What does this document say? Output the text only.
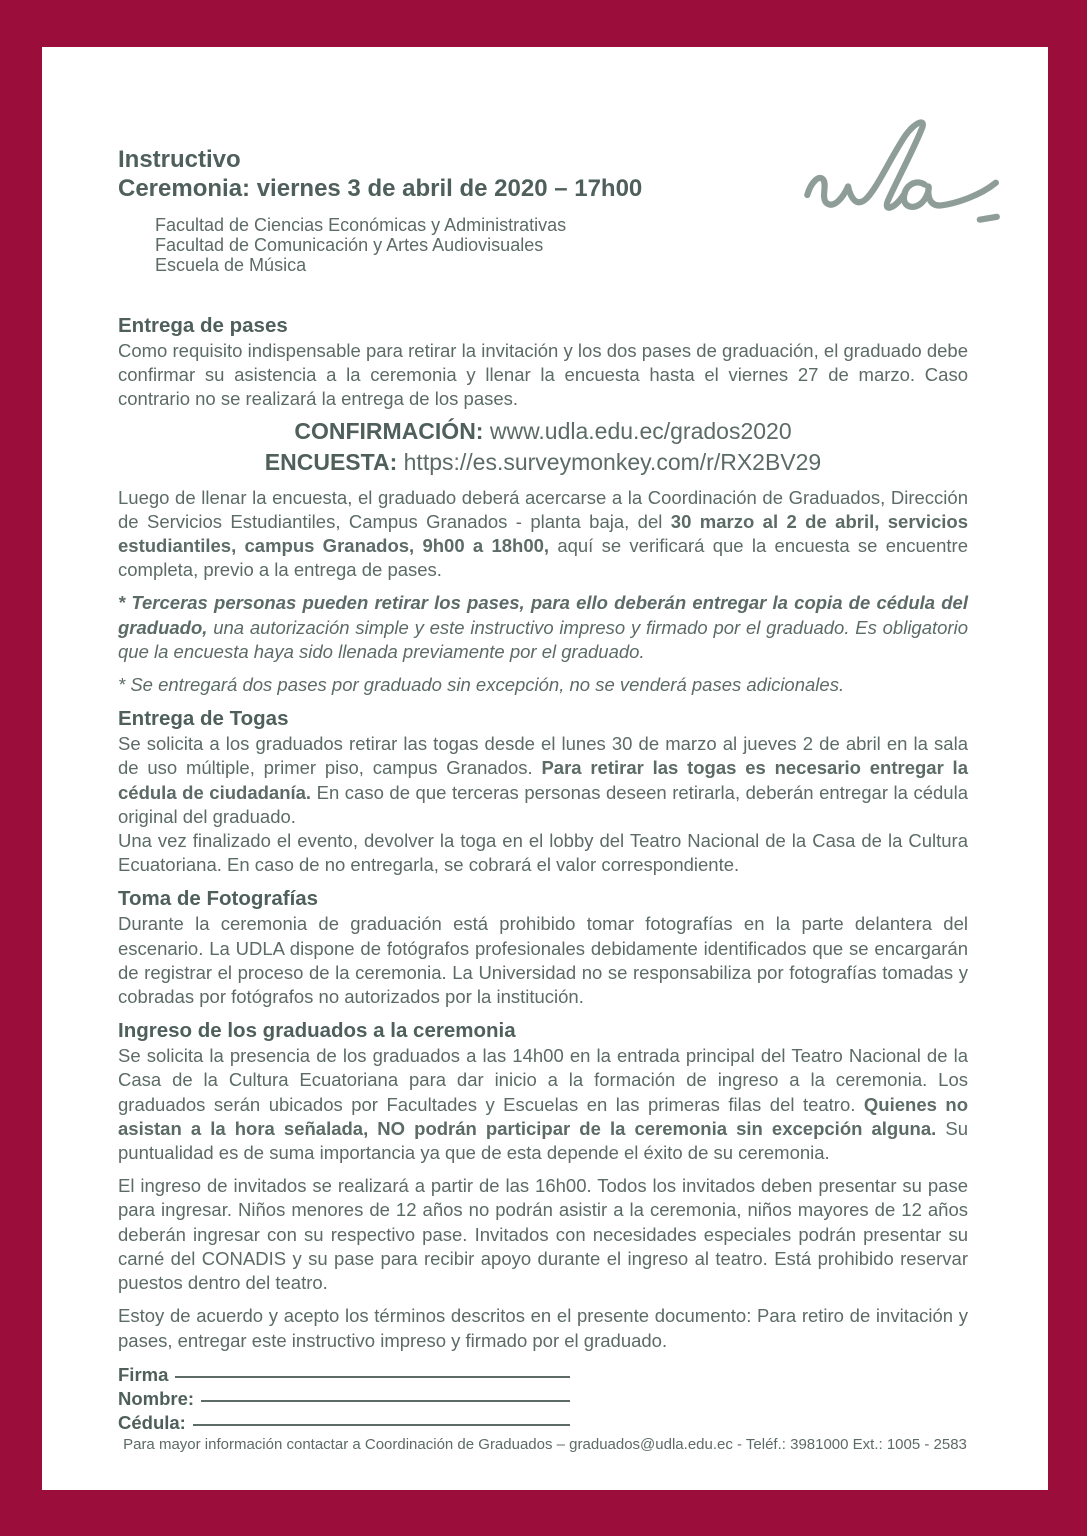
Instructivo
Ceremonia: viernes 3 de abril de 2020 – 17h00
Facultad de Ciencias Económicas y Administrativas
Facultad de Comunicación y Artes Audiovisuales
Escuela de Música
Entrega de pases

Como requisito indispensable para retirar la invitación y los dos pases de graduación, el graduado debe confirmar su asistencia a la ceremonia y llenar la encuesta hasta el viernes 27 de marzo. Caso contrario no se realizará la entrega de los pases.

CONFIRMACIÓN: www.udla.edu.ec/grados2020

ENCUESTA: https://es.surveymonkey.com/r/RX2BV29

Luego de llenar la encuesta, el graduado deberá acercarse a la Coordinación de Graduados, Dirección de Servicios Estudiantiles, Campus Granados - planta baja, del 30 marzo al 2 de abril, servicios estudiantiles, campus Granados, 9h00 a 18h00, aquí se verificará que la encuesta se encuentre completa, previo a la entrega de pases.

* Terceras personas pueden retirar los pases, para ello deberán entregar la copia de cédula del graduado, una autorización simple y este instructivo impreso y firmado por el graduado. Es obligatorio que la encuesta haya sido llenada previamente por el graduado.

* Se entregará dos pases por graduado sin excepción, no se venderá pases adicionales.

Entrega de Togas

Se solicita a los graduados retirar las togas desde el lunes 30 de marzo al jueves 2 de abril en la sala de uso múltiple, primer piso, campus Granados. Para retirar las togas es necesario entregar la cédula de ciudadanía. En caso de que terceras personas deseen retirarla, deberán entregar la cédula original del graduado.

Una vez finalizado el evento, devolver la toga en el lobby del Teatro Nacional de la Casa de la Cultura Ecuatoriana. En caso de no entregarla, se cobrará el valor correspondiente.

Toma de Fotografías

Durante la ceremonia de graduación está prohibido tomar fotografías en la parte delantera del escenario. La UDLA dispone de fotógrafos profesionales debidamente identificados que se encargarán de registrar el proceso de la ceremonia. La Universidad no se responsabiliza por fotografías tomadas y cobradas por fotógrafos no autorizados por la institución.

Ingreso de los graduados a la ceremonia

Se solicita la presencia de los graduados a las 14h00 en la entrada principal del Teatro Nacional de la Casa de la Cultura Ecuatoriana para dar inicio a la formación de ingreso a la ceremonia. Los graduados serán ubicados por Facultades y Escuelas en las primeras filas del teatro. Quienes no asistan a la hora señalada, NO podrán participar de la ceremonia sin excepción alguna. Su puntualidad es de suma importancia ya que de esta depende el éxito de su ceremonia.

El ingreso de invitados se realizará a partir de las 16h00. Todos los invitados deben presentar su pase para ingresar. Niños menores de 12 años no podrán asistir a la ceremonia, niños mayores de 12 años deberán ingresar con su respectivo pase. Invitados con necesidades especiales podrán presentar su carné del CONADIS y su pase para recibir apoyo durante el ingreso al teatro. Está prohibido reservar puestos dentro del teatro.

Estoy de acuerdo y acepto los términos descritos en el presente documento: Para retiro de invitación y pases, entregar este instructivo impreso y firmado por el graduado.

Firma
Nombre:
Cédula:
Para mayor información contactar a Coordinación de Graduados – graduados@udla.edu.ec - Teléf.: 3981000 Ext.: 1005 - 2583
